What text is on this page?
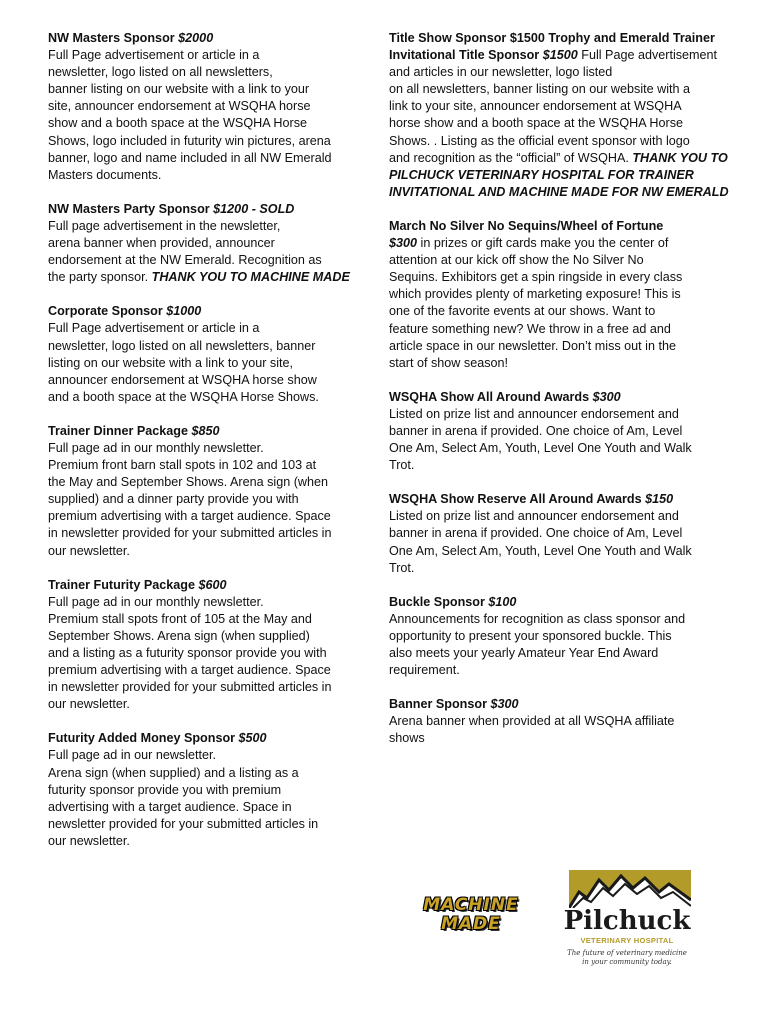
NW Masters Sponsor $2000
Full Page advertisement or article in a
newsletter, logo listed on all newsletters,
banner listing on our website with a link to your
site, announcer endorsement at WSQHA horse
show and a booth space at the WSQHA Horse
Shows, logo included in futurity win pictures, arena
banner, logo and name included in all NW Emerald
Masters documents.
NW Masters Party Sponsor $1200 - SOLD
Full page advertisement in the newsletter,
arena banner when provided, announcer
endorsement at the NW Emerald. Recognition as
the party sponsor. THANK YOU TO MACHINE MADE
Corporate Sponsor $1000
Full Page advertisement or article in a
newsletter, logo listed on all newsletters, banner
listing on our website with a link to your site,
announcer endorsement at WSQHA horse show
and a booth space at the WSQHA Horse Shows.
Trainer Dinner Package $850
Full page ad in our monthly newsletter.
Premium front barn stall spots in 102 and 103 at
the May and September Shows. Arena sign (when
supplied) and a dinner party provide you with
premium advertising with a target audience. Space
in newsletter provided for your submitted articles in
our newsletter.
Trainer Futurity Package $600
Full page ad in our monthly newsletter.
Premium stall spots front of 105 at the May and
September Shows. Arena sign (when supplied)
and a listing as a futurity sponsor provide you with
premium advertising with a target audience. Space
in newsletter provided for your submitted articles in
our newsletter.
Futurity Added Money Sponsor $500
Full page ad in our newsletter.
Arena sign (when supplied) and a listing as a
futurity sponsor provide you with premium
advertising with a target audience. Space in
newsletter provided for your submitted articles in
our newsletter.
Title Show Sponsor $1500 Trophy and Emerald Trainer Invitational Title Sponsor $1500 Full Page advertisement and articles in our newsletter, logo listed
on all newsletters, banner listing on our website with a
link to your site, announcer endorsement at WSQHA
horse show and a booth space at the WSQHA Horse
Shows. . Listing as the official event sponsor with logo
and recognition as the “official” of WSQHA. THANK YOU TO PILCHUCK VETERINARY HOSPITAL FOR TRAINER INVITATIONAL AND MACHINE MADE FOR NW EMERALD
March No Silver No Sequins/Wheel of Fortune
$300 in prizes or gift cards make you the center of
attention at our kick off show the No Silver No
Sequins. Exhibitors get a spin ringside in every class
which provides plenty of marketing exposure! This is
one of the favorite events at our shows. Want to
feature something new? We throw in a free ad and
article space in our newsletter. Don’t miss out in the
start of show season!
WSQHA Show All Around Awards $300
Listed on prize list and announcer endorsement and
banner in arena if provided. One choice of Am, Level
One Am, Select Am, Youth, Level One Youth and Walk
Trot.
WSQHA Show Reserve All Around Awards $150
Listed on prize list and announcer endorsement and
banner in arena if provided. One choice of Am, Level
One Am, Select Am, Youth, Level One Youth and Walk
Trot.
Buckle Sponsor $100
Announcements for recognition as class sponsor and
opportunity to present your sponsored buckle. This
also meets your yearly Amateur Year End Award
requirement.
Banner Sponsor $300
Arena banner when provided at all WSQHA affiliate
shows
MACHINE
MADE	Pilchuck
VETERINARY HOSPITAL
The future of veterinary medicine
in your community today.
